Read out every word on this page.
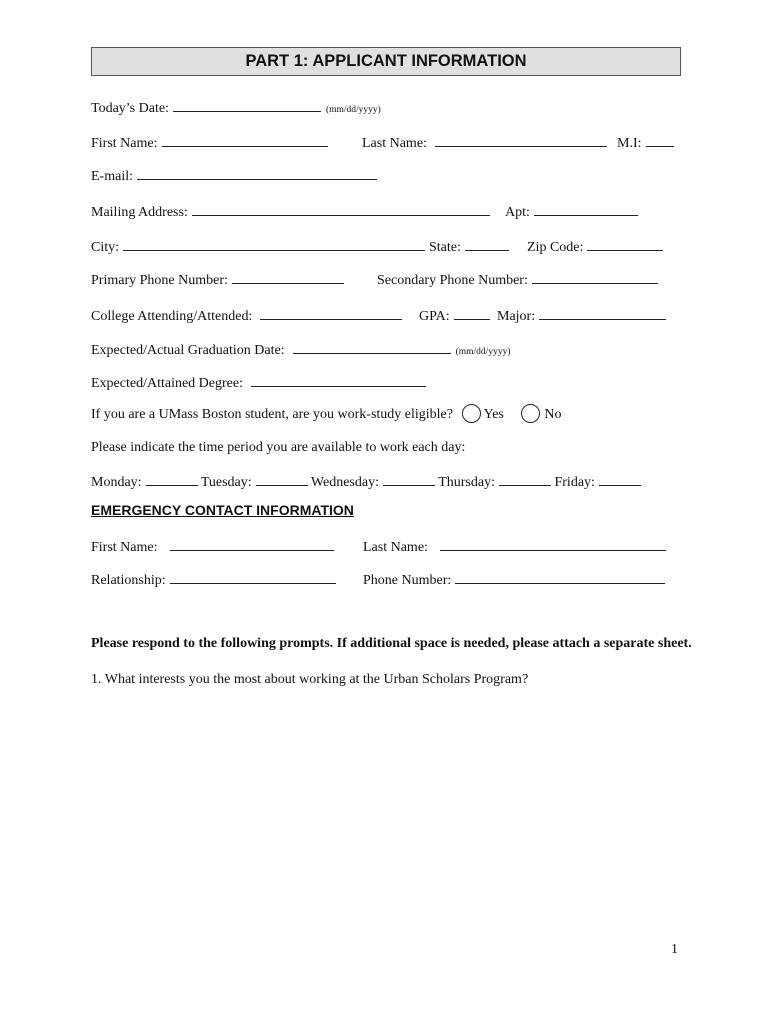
PART 1: APPLICANT INFORMATION
Today’s Date:	(mm/dd/yyyy)
First Name:	Last Name:	M.I:
E-mail:
Mailing Address:	Apt:
City:	State:	Zip Code:
Primary Phone Number:	Secondary Phone Number:
College Attending/Attended:	GPA:	Major:
Expected/Actual Graduation Date:	(mm/dd/yyyy)
Expected/Attained Degree:
If you are a UMass Boston student, are you work-study eligible? Yes	No
Please indicate the time period you are available to work each day:
Monday:	Tuesday:	Wednesday:	Thursday:	Friday:
EMERGENCY CONTACT INFORMATION
First Name:	Last Name:
Relationship:	Phone Number:
Please respond to the following prompts. If additional space is needed, please attach a separate sheet.
1. What interests you the most about working at the Urban Scholars Program?
1
